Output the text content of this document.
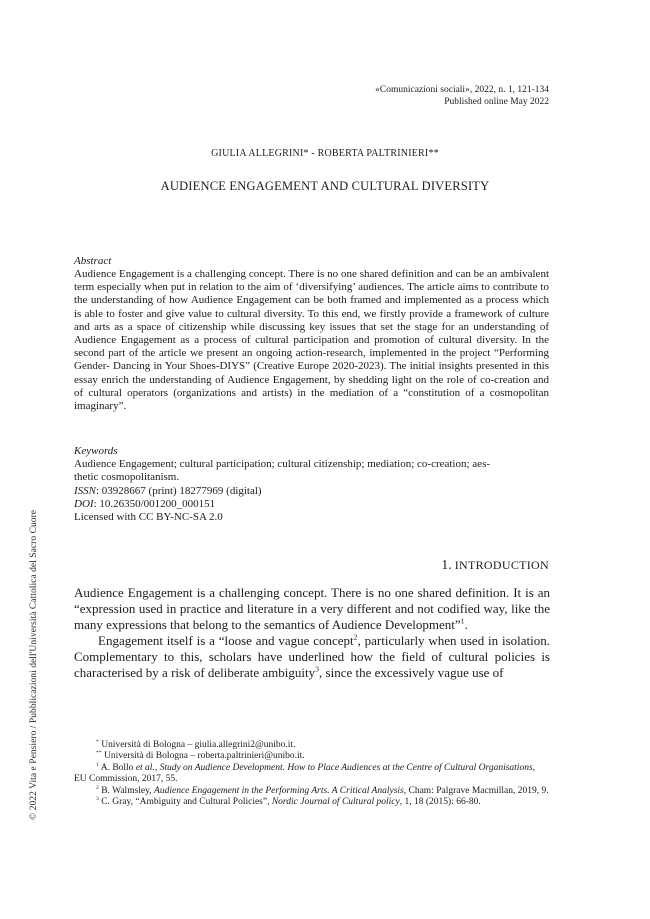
© 2022 Vita e Pensiero / Pubblicazioni dell'Università Cattolica del Sacro Cuore
«Comunicazioni sociali», 2022, n. 1, 121-134
Published online May 2022
GIULIA ALLEGRINI* - ROBERTA PALTRINIERI**
AUDIENCE ENGAGEMENT AND CULTURAL DIVERSITY
Abstract
Audience Engagement is a challenging concept. There is no one shared definition and can be an ambivalent term especially when put in relation to the aim of ‘diversifying’ audiences. The article aims to contribute to the understanding of how Audience Engagement can be both framed and implemented as a process which is able to foster and give value to cultural diversity. To this end, we firstly provide a framework of culture and arts as a space of citizenship while discussing key issues that set the stage for an understanding of Audience Engagement as a process of cultural participation and promotion of cultural diversity. In the second part of the article we present an ongoing action-research, implemented in the project “Performing Gender- Dancing in Your Shoes-DIYS” (Creative Europe 2020-2023). The initial insights presented in this essay enrich the understanding of Audience Engagement, by shedding light on the role of co-creation and of cultural operators (organizations and artists) in the mediation of a “constitution of a cosmopolitan imaginary”.
Keywords
Audience Engagement; cultural participation; cultural citizenship; mediation; co-creation; aes-
thetic cosmopolitanism.
ISSN: 03928667 (print) 18277969 (digital)
DOI: 10.26350/001200_000151
Licensed with CC BY-NC-SA 2.0
1. INTRODUCTION

Audience Engagement is a challenging concept. There is no one shared definition. It is an “expression used in practice and literature in a very different and not codified way, like the many expressions that belong to the semantics of Audience Development”$^1$.

Engagement itself is a “loose and vague concept$^2$, particularly when used in isolation. Complementary to this, scholars have underlined how the field of cultural policies is characterised by a risk of deliberate ambiguity$^3$, since the excessively vague use of

* Università di Bologna – giulia.allegrini2@unibo.it.
** Università di Bologna – roberta.paltrinieri@unibo.it.
$^1$ A. Bollo et al., Study on Audience Development. How to Place Audiences at the Centre of Cultural Organisations, EU Commission, 2017, 55.
$^2$ B. Walmsley, Audience Engagement in the Performing Arts. A Critical Analysis, Cham: Palgrave Macmillan, 2019, 9.
$^3$ C. Gray, “Ambiguity and Cultural Policies”, Nordic Journal of Cultural policy, 1, 18 (2015): 66-80.
